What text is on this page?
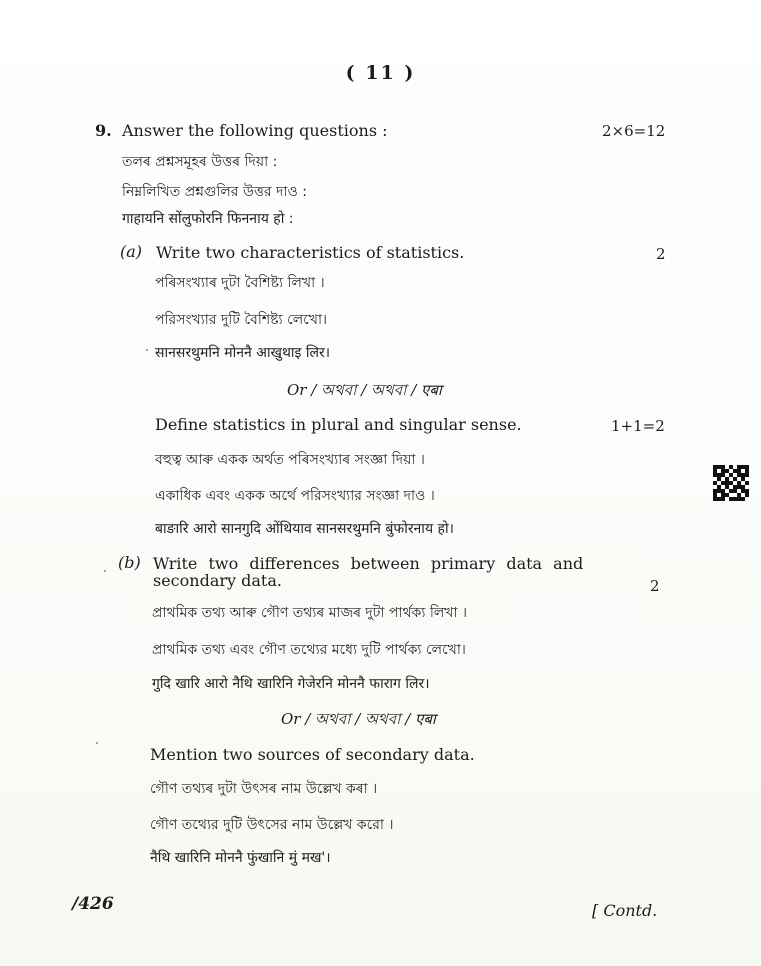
( 11 )
9. Answer the following questions :	2×6=12
তলৰ প্ৰশ্নসমূহৰ উত্তৰ দিয়া :
নিম্নলিখিত প্রশ্নগুলির উত্তর দাও :
गाहायनि सोंलुफोरनि फिननाय हो :
(a) Write two characteristics of statistics.	2
পৰিসংখ্যাৰ দুটা বৈশিষ্ট্য লিখা ।
পরিসংখ্যার দুটি বৈশিষ্ট্য লেখো।
सानसरथुमनि मोननै आखुथाइ लिर।
Or / অথবা / অথবা / एबा
Define statistics in plural and singular sense.	1+1=2
বহুত্ব আৰু একক অৰ্থত পৰিসংখ্যাৰ সংজ্ঞা দিয়া ।
একাধিক এবং একক অর্থে পরিসংখ্যার সংজ্ঞা দাও ।
बाङारि आरो सानगुदि ओंथियाव सानसरथुमनि बुंफोरनाय हो।
(b) Write two differences between primary data and
secondary data.	2
প্ৰাথমিক তথ্য আৰু গৌণ তথ্যৰ মাজৰ দুটা পাৰ্থক্য লিখা ।
প্রাথমিক তথ্য এবং গৌণ তথ্যের মধ্যে দুটি পার্থক্য লেখো।
गुदि खारि आरो नैथि खारिनि गेजेरनि मोननै फाराग लिर।
Or / অথবা / অথবা / एबा
Mention two sources of secondary data.
গৌণ তথ্যৰ দুটা উৎসৰ নাম উল্লেখ কৰা ।
গৌণ তথ্যের দুটি উৎসের নাম উল্লেখ করো ।
नैथि खारिनि मोननै फुंखानि मुं मख'।
/426	[ Contd.
